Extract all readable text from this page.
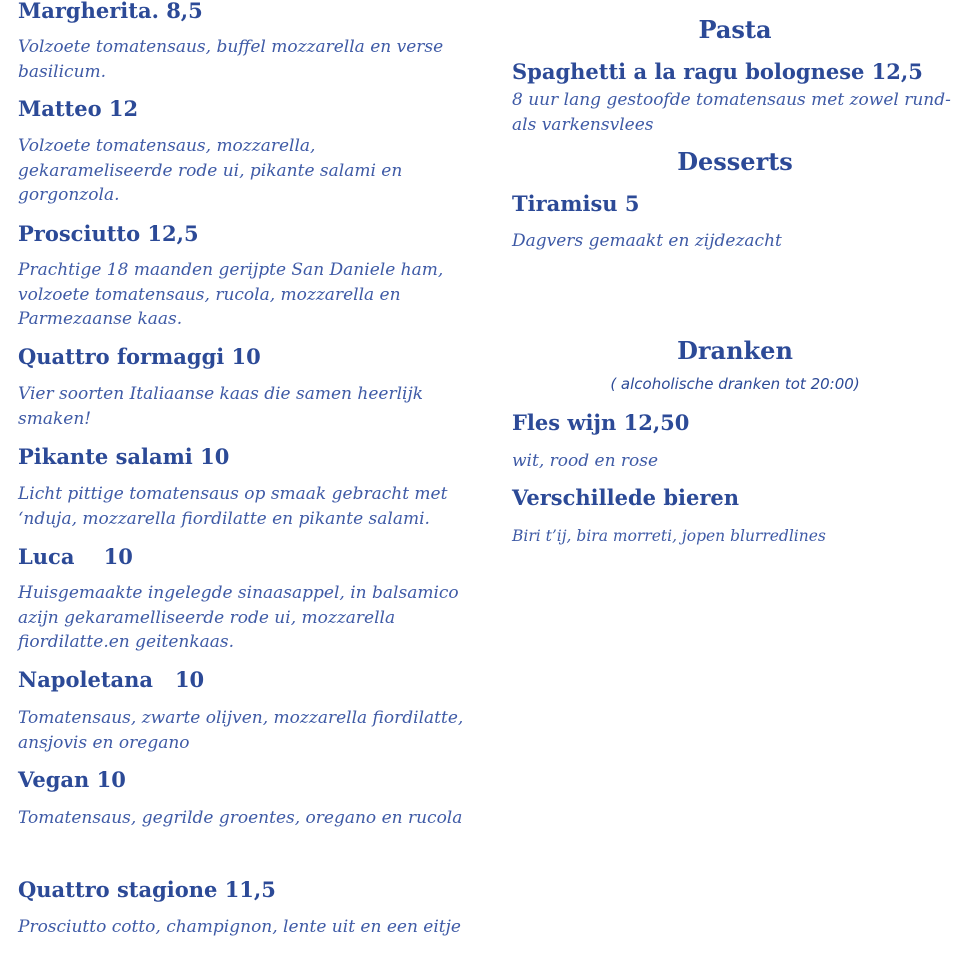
Margherita. 8,5
Volzoete tomatensaus, buffel mozzarella en verse
basilicum.
Matteo 12
Volzoete tomatensaus, mozzarella,
gekarameliseerde rode ui, pikante salami en
gorgonzola.
Prosciutto 12,5
Prachtige 18 maanden gerijpte San Daniele ham,
volzoete tomatensaus, rucola, mozzarella en
Parmezaanse kaas.
Quattro formaggi 10
Vier soorten Italiaanse kaas die samen heerlijk
smaken!
Pikante salami 10
Licht pittige tomatensaus op smaak gebracht met
‘nduja, mozzarella fiordilatte en pikante salami.
Luca    10
Huisgemaakte ingelegde sinaasappel, in balsamico
azijn gekaramelliseerde rode ui, mozzarella
fiordilatte.en geitenkaas.
Napoletana   10
Tomatensaus, zwarte olijven, mozzarella fiordilatte,
ansjovis en oregano
Vegan 10
Tomatensaus, gegrilde groentes, oregano en rucola
Quattro stagione 11,5
Prosciutto cotto, champignon, lente uit en een eitje
Pasta
Spaghetti a la ragu bolognese 12,5
8 uur lang gestoofde tomatensaus met zowel rund-
als varkensvlees
Desserts
Tiramisu 5
Dagvers gemaakt en zijdezacht
Dranken
( alcoholische dranken tot 20:00)
Fles wijn 12,50
wit, rood en rose
Verschillede bieren
Biri t’ij, bira morreti, jopen blurredlines
